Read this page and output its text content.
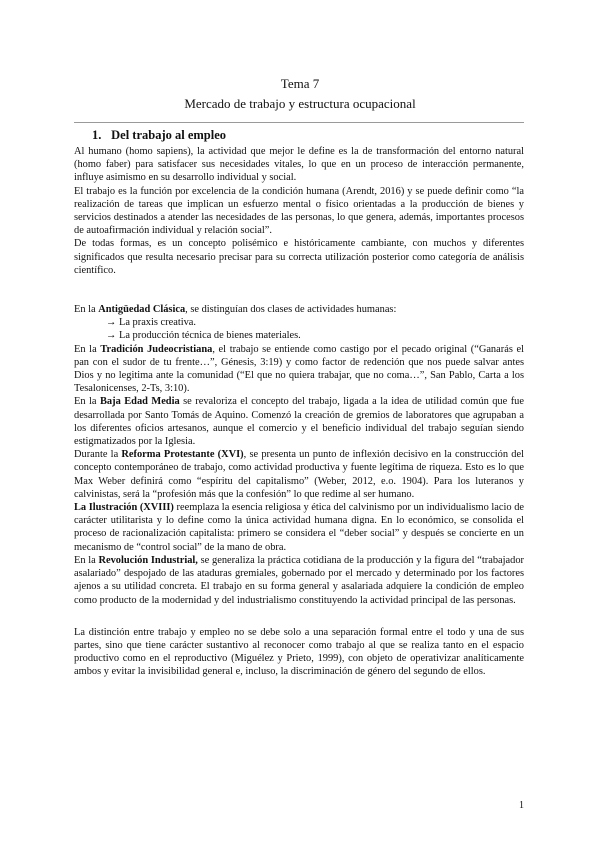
Tema 7
Mercado de trabajo y estructura ocupacional
1. Del trabajo al empleo

Al humano (homo sapiens), la actividad que mejor le define es la de transformación del entorno natural (homo faber) para satisfacer sus necesidades vitales, lo que en un proceso de interacción permanente, influye asimismo en su desarrollo individual y social.

El trabajo es la función por excelencia de la condición humana (Arendt, 2016) y se puede definir como “la realización de tareas que implican un esfuerzo mental o físico orientadas a la producción de bienes y servicios destinados a atender las necesidades de las personas, lo que genera, además, importantes procesos de autoafirmación individual y relación social”.

De todas formas, es un concepto polisémico e históricamente cambiante, con muchos y diferentes significados que resulta necesario precisar para su correcta utilización posterior como categoría de análisis científico.

En la Antigüedad Clásica, se distinguían dos clases de actividades humanas:

→ La praxis creativa.

→ La producción técnica de bienes materiales.

En la Tradición Judeocristiana, el trabajo se entiende como castigo por el pecado original (“Ganarás el pan con el sudor de tu frente…”, Génesis, 3:19) y como factor de redención que nos puede salvar antes Dios y no legitima ante la comunidad (“El que no quiera trabajar, que no coma…”, San Pablo, Carta a los Tesalonicenses, 2-Ts, 3:10).

En la Baja Edad Media se revaloriza el concepto del trabajo, ligada a la idea de utilidad común que fue desarrollada por Santo Tomás de Aquino. Comenzó la creación de gremios de laboratores que agrupaban a los diferentes oficios artesanos, aunque el comercio y el beneficio individual del trabajo seguían siendo estigmatizados por la Iglesia.

Durante la Reforma Protestante (XVI), se presenta un punto de inflexión decisivo en la construcción del concepto contemporáneo de trabajo, como actividad productiva y fuente legítima de riqueza. Esto es lo que Max Weber definirá como “espíritu del capitalismo” (Weber, 2012, e.o. 1904). Para los luteranos y calvinistas, será la “profesión más que la confesión” lo que redime al ser humano.

La Ilustración (XVIII) reemplaza la esencia religiosa y ética del calvinismo por un individualismo lacio de carácter utilitarista y lo define como la única actividad humana digna. En lo económico, se consolida el proceso de racionalización capitalista: primero se considera el “deber social” y después se concierte en un mecanismo de “control social” de la mano de obra.

En la Revolución Industrial, se generaliza la práctica cotidiana de la producción y la figura del “trabajador asalariado” despojado de las ataduras gremiales, gobernado por el mercado y determinado por los factores ajenos a su utilidad concreta. El trabajo en su forma general y asalariada adquiere la condición de empleo como producto de la modernidad y del industrialismo constituyendo la actividad principal de las personas.

La distinción entre trabajo y empleo no se debe solo a una separación formal entre el todo y una de sus partes, sino que tiene carácter sustantivo al reconocer como trabajo al que se realiza tanto en el espacio productivo como en el reproductivo (Miguélez y Prieto, 1999), con objeto de operativizar analíticamente ambos y evitar la invisibilidad general e, incluso, la discriminación de género del segundo de ellos.

1
